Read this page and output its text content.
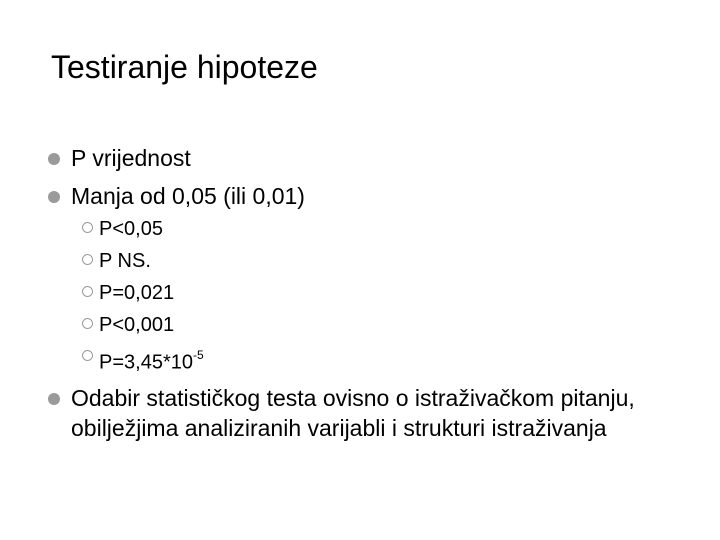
Testiranje hipoteze
P vrijednost
Manja od 0,05 (ili 0,01)
P<0,05
P NS.
P=0,021
P<0,001
$P=3,45*10^{-5}$
Odabir statističkog testa ovisno o istraživačkom pitanju, obilježjima analiziranih varijabli i strukturi istraživanja
